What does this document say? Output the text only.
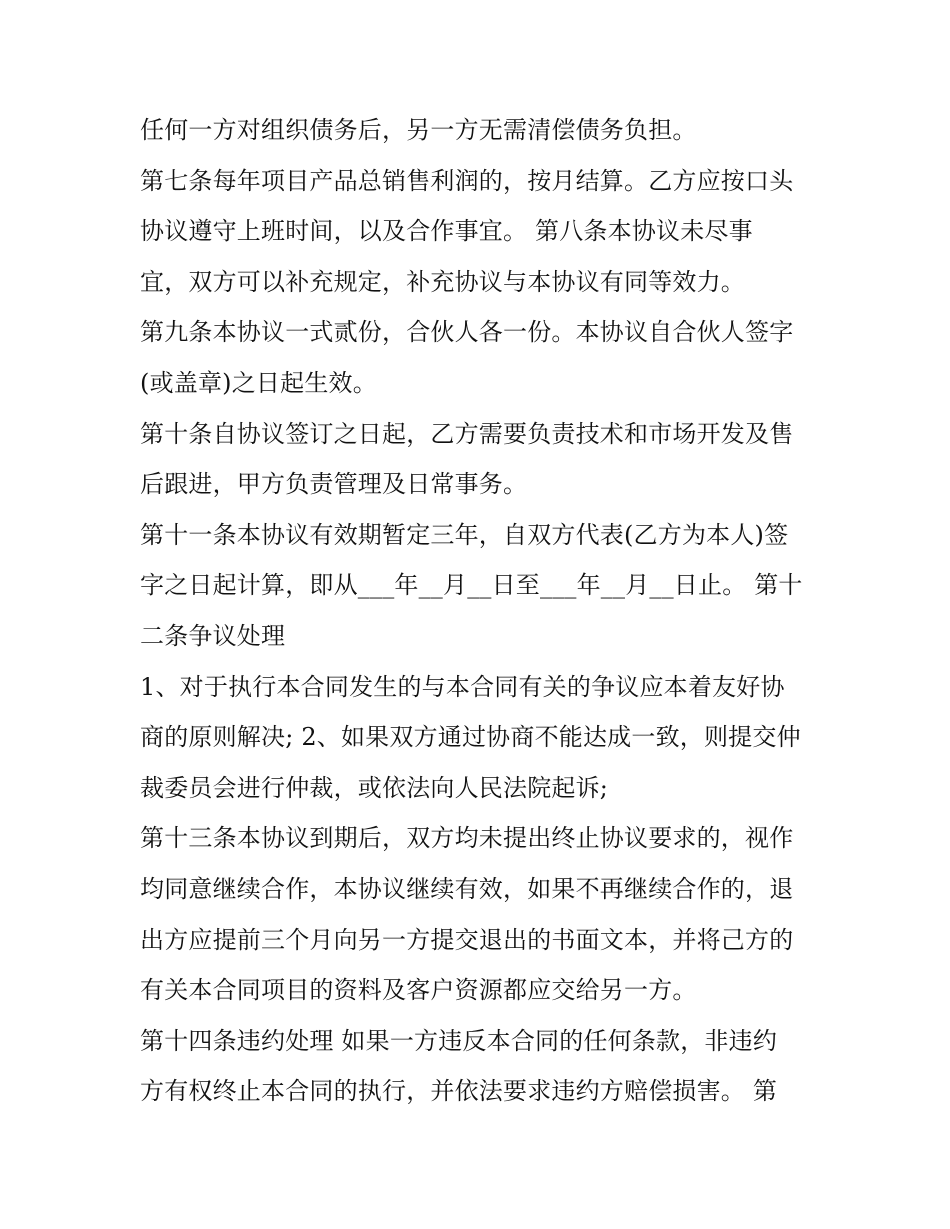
任何一方对组织债务后，另一方无需清偿债务负担。
第七条每年项目产品总销售利润的，按月结算。乙方应按口头
协议遵守上班时间，以及合作事宜。 第八条本协议未尽事
宜，双方可以补充规定，补充协议与本协议有同等效力。
第九条本协议一式贰份，合伙人各一份。本协议自合伙人签字
(或盖章)之日起生效。
第十条自协议签订之日起，乙方需要负责技术和市场开发及售
后跟进，甲方负责管理及日常事务。
第十一条本协议有效期暂定三年，自双方代表(乙方为本人)签
字之日起计算，即从___年__月__日至___年__月__日止。 第十
二条争议处理
1、对于执行本合同发生的与本合同有关的争议应本着友好协
商的原则解决; 2、如果双方通过协商不能达成一致，则提交仲
裁委员会进行仲裁，或依法向人民法院起诉;
第十三条本协议到期后，双方均未提出终止协议要求的，视作
均同意继续合作，本协议继续有效，如果不再继续合作的，退
出方应提前三个月向另一方提交退出的书面文本，并将己方的
有关本合同项目的资料及客户资源都应交给另一方。
第十四条违约处理 如果一方违反本合同的任何条款，非违约
方有权终止本合同的执行，并依法要求违约方赔偿损害。 第
